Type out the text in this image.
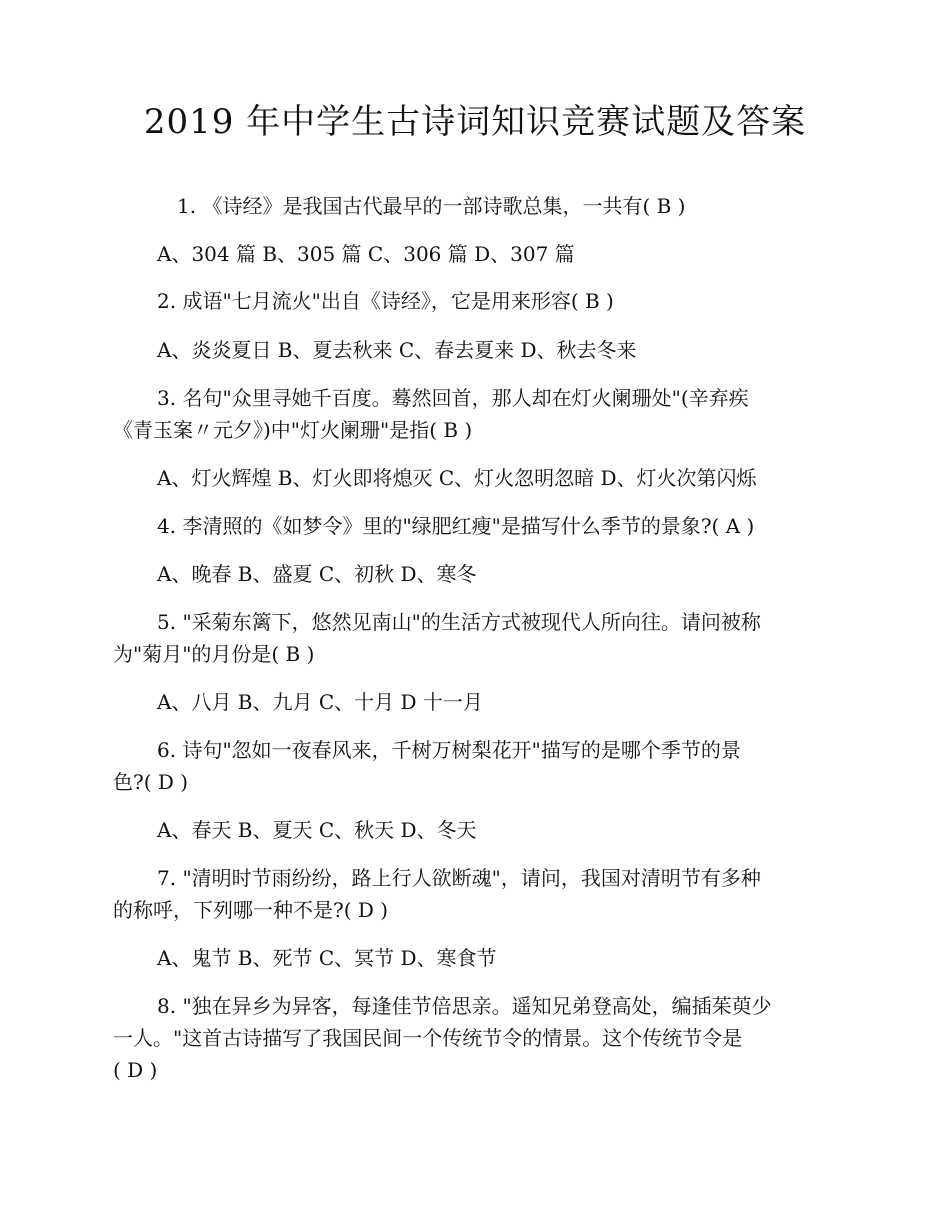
2019 年中学生古诗词知识竞赛试题及答案
1. 《诗经》是我国古代最早的一部诗歌总集，一共有( B )
A、304 篇 B、305 篇 C、306 篇 D、307 篇
2. 成语"七月流火"出自《诗经》，它是用来形容( B )
A、炎炎夏日 B、夏去秋来 C、春去夏来 D、秋去冬来
3. 名句"众里寻她千百度。蓦然回首，那人却在灯火阑珊处"(辛弃疾
《青玉案〃元夕》)中"灯火阑珊"是指( B )
A、灯火辉煌 B、灯火即将熄灭 C、灯火忽明忽暗 D、灯火次第闪烁
4. 李清照的《如梦令》里的"绿肥红瘦"是描写什么季节的景象?( A )
A、晚春 B、盛夏 C、初秋 D、寒冬
5. "采菊东篱下，悠然见南山"的生活方式被现代人所向往。请问被称
为"菊月"的月份是( B )
A、八月 B、九月 C、十月 D 十一月
6. 诗句"忽如一夜春风来，千树万树梨花开"描写的是哪个季节的景
色?( D )
A、春天 B、夏天 C、秋天 D、冬天
7. "清明时节雨纷纷，路上行人欲断魂"，请问，我国对清明节有多种
的称呼，下列哪一种不是?( D )
A、鬼节 B、死节 C、冥节 D、寒食节
8. "独在异乡为异客，每逢佳节倍思亲。遥知兄弟登高处，编插茱萸少
一人。"这首古诗描写了我国民间一个传统节令的情景。这个传统节令是
( D )
